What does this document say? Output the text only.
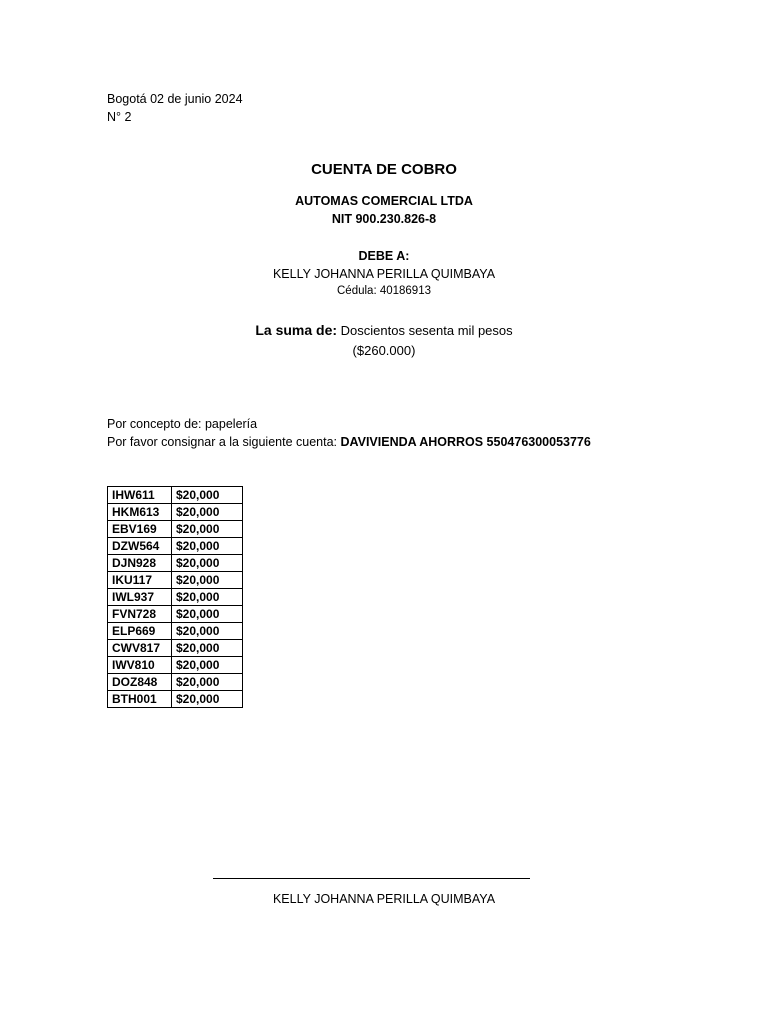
Bogotá 02 de junio 2024
N° 2
CUENTA DE COBRO
AUTOMAS COMERCIAL LTDA
NIT 900.230.826-8
DEBE A:
KELLY JOHANNA PERILLA QUIMBAYA
Cédula: 40186913
La suma de: Doscientos sesenta mil pesos
($260.000)
Por concepto de: papelería
Por favor consignar a la siguiente cuenta: DAVIVIENDA AHORROS 550476300053776
IHW611	$20,000
HKM613	$20,000
EBV169	$20,000
DZW564	$20,000
DJN928	$20,000
IKU117	$20,000
IWL937	$20,000
FVN728	$20,000
ELP669	$20,000
CWV817	$20,000
IWV810	$20,000
DOZ848	$20,000
BTH001	$20,000
KELLY JOHANNA PERILLA QUIMBAYA
